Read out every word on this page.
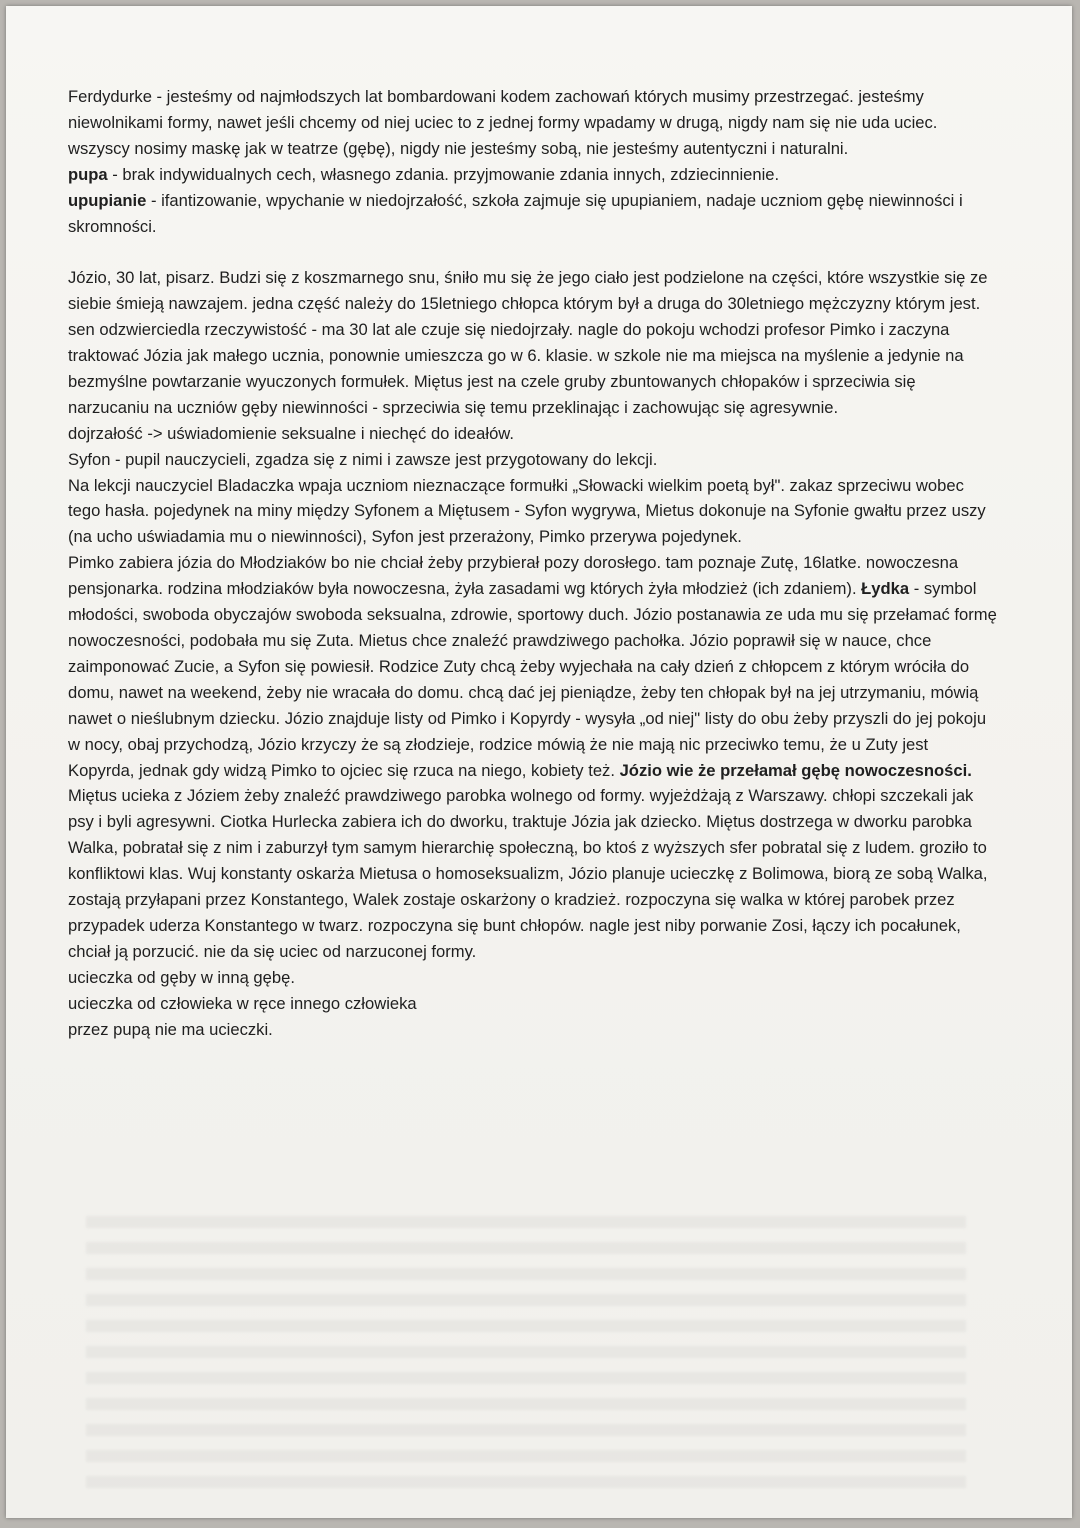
Ferdydurke - jesteśmy od najmłodszych lat bombardowani kodem zachowań których musimy przestrzegać. jesteśmy niewolnikami formy, nawet jeśli chcemy od niej uciec to z jednej formy wpadamy w drugą, nigdy nam się nie uda uciec. wszyscy nosimy maskę jak w teatrze (gębę), nigdy nie jesteśmy sobą, nie jesteśmy autentyczni i naturalni.

pupa - brak indywidualnych cech, własnego zdania. przyjmowanie zdania innych, zdziecinnienie.

upupianie - ifantizowanie, wpychanie w niedojrzałość, szkoła zajmuje się upupianiem, nadaje uczniom gębę niewinności i skromności.

Józio, 30 lat, pisarz. Budzi się z koszmarnego snu, śniło mu się że jego ciało jest podzielone na części, które wszystkie się ze siebie śmieją nawzajem. jedna część należy do 15letniego chłopca którym był a druga do 30letniego mężczyzny którym jest. sen odzwierciedla rzeczywistość - ma 30 lat ale czuje się niedojrzały. nagle do pokoju wchodzi profesor Pimko i zaczyna traktować Józia jak małego ucznia, ponownie umieszcza go w 6. klasie. w szkole nie ma miejsca na myślenie a jedynie na bezmyślne powtarzanie wyuczonych formułek. Miętus jest na czele gruby zbuntowanych chłopaków i sprzeciwia się narzucaniu na uczniów gęby niewinności - sprzeciwia się temu przeklinając i zachowując się agresywnie.

dojrzałość -> uświadomienie seksualne i niechęć do ideałów.

Syfon - pupil nauczycieli, zgadza się z nimi i zawsze jest przygotowany do lekcji.

Na lekcji nauczyciel Bladaczka wpaja uczniom nieznaczące formułki „Słowacki wielkim poetą był". zakaz sprzeciwu wobec tego hasła. pojedynek na miny między Syfonem a Miętusem - Syfon wygrywa, Mietus dokonuje na Syfonie gwałtu przez uszy (na ucho uświadamia mu o niewinności), Syfon jest przerażony, Pimko przerywa pojedynek.

Pimko zabiera józia do Młodziaków bo nie chciał żeby przybierał pozy dorosłego. tam poznaje Zutę, 16latke. nowoczesna pensjonarka. rodzina młodziaków była nowoczesna, żyła zasadami wg których żyła młodzież (ich zdaniem). Łydka - symbol młodości, swoboda obyczajów swoboda seksualna, zdrowie, sportowy duch. Józio postanawia ze uda mu się przełamać formę nowoczesności, podobała mu się Zuta. Mietus chce znaleźć prawdziwego pachołka. Józio poprawił się w nauce, chce zaimponować Zucie, a Syfon się powiesił. Rodzice Zuty chcą żeby wyjechała na cały dzień z chłopcem z którym wróciła do domu, nawet na weekend, żeby nie wracała do domu. chcą dać jej pieniądze, żeby ten chłopak był na jej utrzymaniu, mówią nawet o nieślubnym dziecku. Józio znajduje listy od Pimko i Kopyrdy - wysyła „od niej" listy do obu żeby przyszli do jej pokoju w nocy, obaj przychodzą, Józio krzyczy że są złodzieje, rodzice mówią że nie mają nic przeciwko temu, że u Zuty jest Kopyrda, jednak gdy widzą Pimko to ojciec się rzuca na niego, kobiety też. Józio wie że przełamał gębę nowoczesności. Miętus ucieka z Józiem żeby znaleźć prawdziwego parobka wolnego od formy. wyjeżdżają z Warszawy. chłopi szczekali jak psy i byli agresywni. Ciotka Hurlecka zabiera ich do dworku, traktuje Józia jak dziecko. Miętus dostrzega w dworku parobka Walka, pobratał się z nim i zaburzył tym samym hierarchię społeczną, bo ktoś z wyższych sfer pobratal się z ludem. groziło to konfliktowi klas. Wuj konstanty oskarża Mietusa o homoseksualizm, Józio planuje ucieczkę z Bolimowa, biorą ze sobą Walka, zostają przyłapani przez Konstantego, Walek zostaje oskarżony o kradzież. rozpoczyna się walka w której parobek przez przypadek uderza Konstantego w twarz. rozpoczyna się bunt chłopów. nagle jest niby porwanie Zosi, łączy ich pocałunek, chciał ją porzucić. nie da się uciec od narzuconej formy.

ucieczka od gęby w inną gębę.

ucieczka od człowieka w ręce innego człowieka

przez pupą nie ma ucieczki.
